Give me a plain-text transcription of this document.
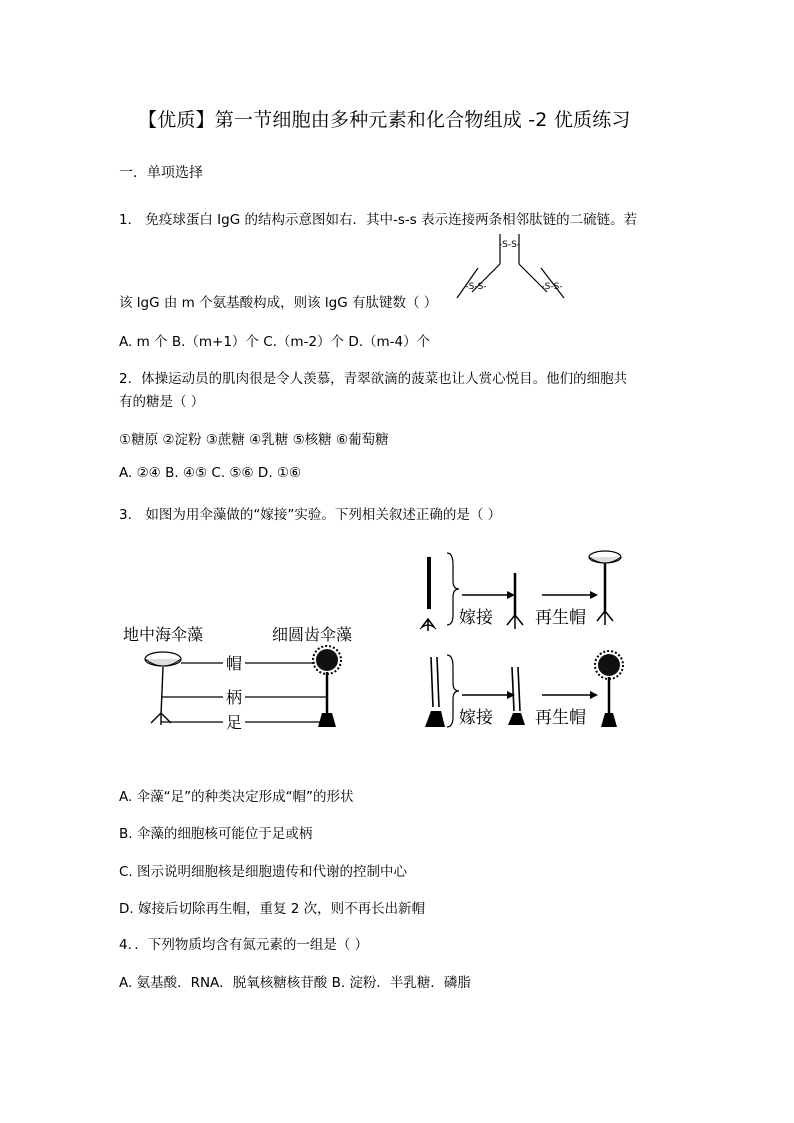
【优质】第一节细胞由多种元素和化合物组成 -2 优质练习
一．单项选择
1． 免疫球蛋白 IgG 的结构示意图如右．其中-s-s 表示连接两条相邻肽链的二硫链。若
-S-S-
-S-S-	-S-S-
该 lgG 由 m 个氨基酸构成，则该 lgG 有肽键数（ ）
A. m 个 B.（m+1）个 C.（m-2）个 D.（m-4）个
2．体操运动员的肌肉很是令人羡慕，青翠欲滴的菠菜也让人赏心悦目。他们的细胞共
有的糖是（ ）
①糖原 ②淀粉 ③蔗糖 ④乳糖 ⑤核糖 ⑥葡萄糖
A. ②④ B. ④⑤ C. ⑤⑥ D. ①⑥
3． 如图为用伞藻做的“嫁接”实验。下列相关叙述正确的是（ ）
地中海伞藻	细圆齿伞藻
帽
柄
足
嫁接 再生帽
嫁接 再生帽
A. 伞藻“足”的种类决定形成“帽”的形状
B. 伞藻的细胞核可能位于足或柄
C. 图示说明细胞核是细胞遗传和代谢的控制中心
D. 嫁接后切除再生帽，重复 2 次，则不再长出新帽
4．．下列物质均含有氮元素的一组是（ ）
A. 氨基酸．RNA．脱氧核糖核苷酸 B. 淀粉．半乳糖．磷脂
